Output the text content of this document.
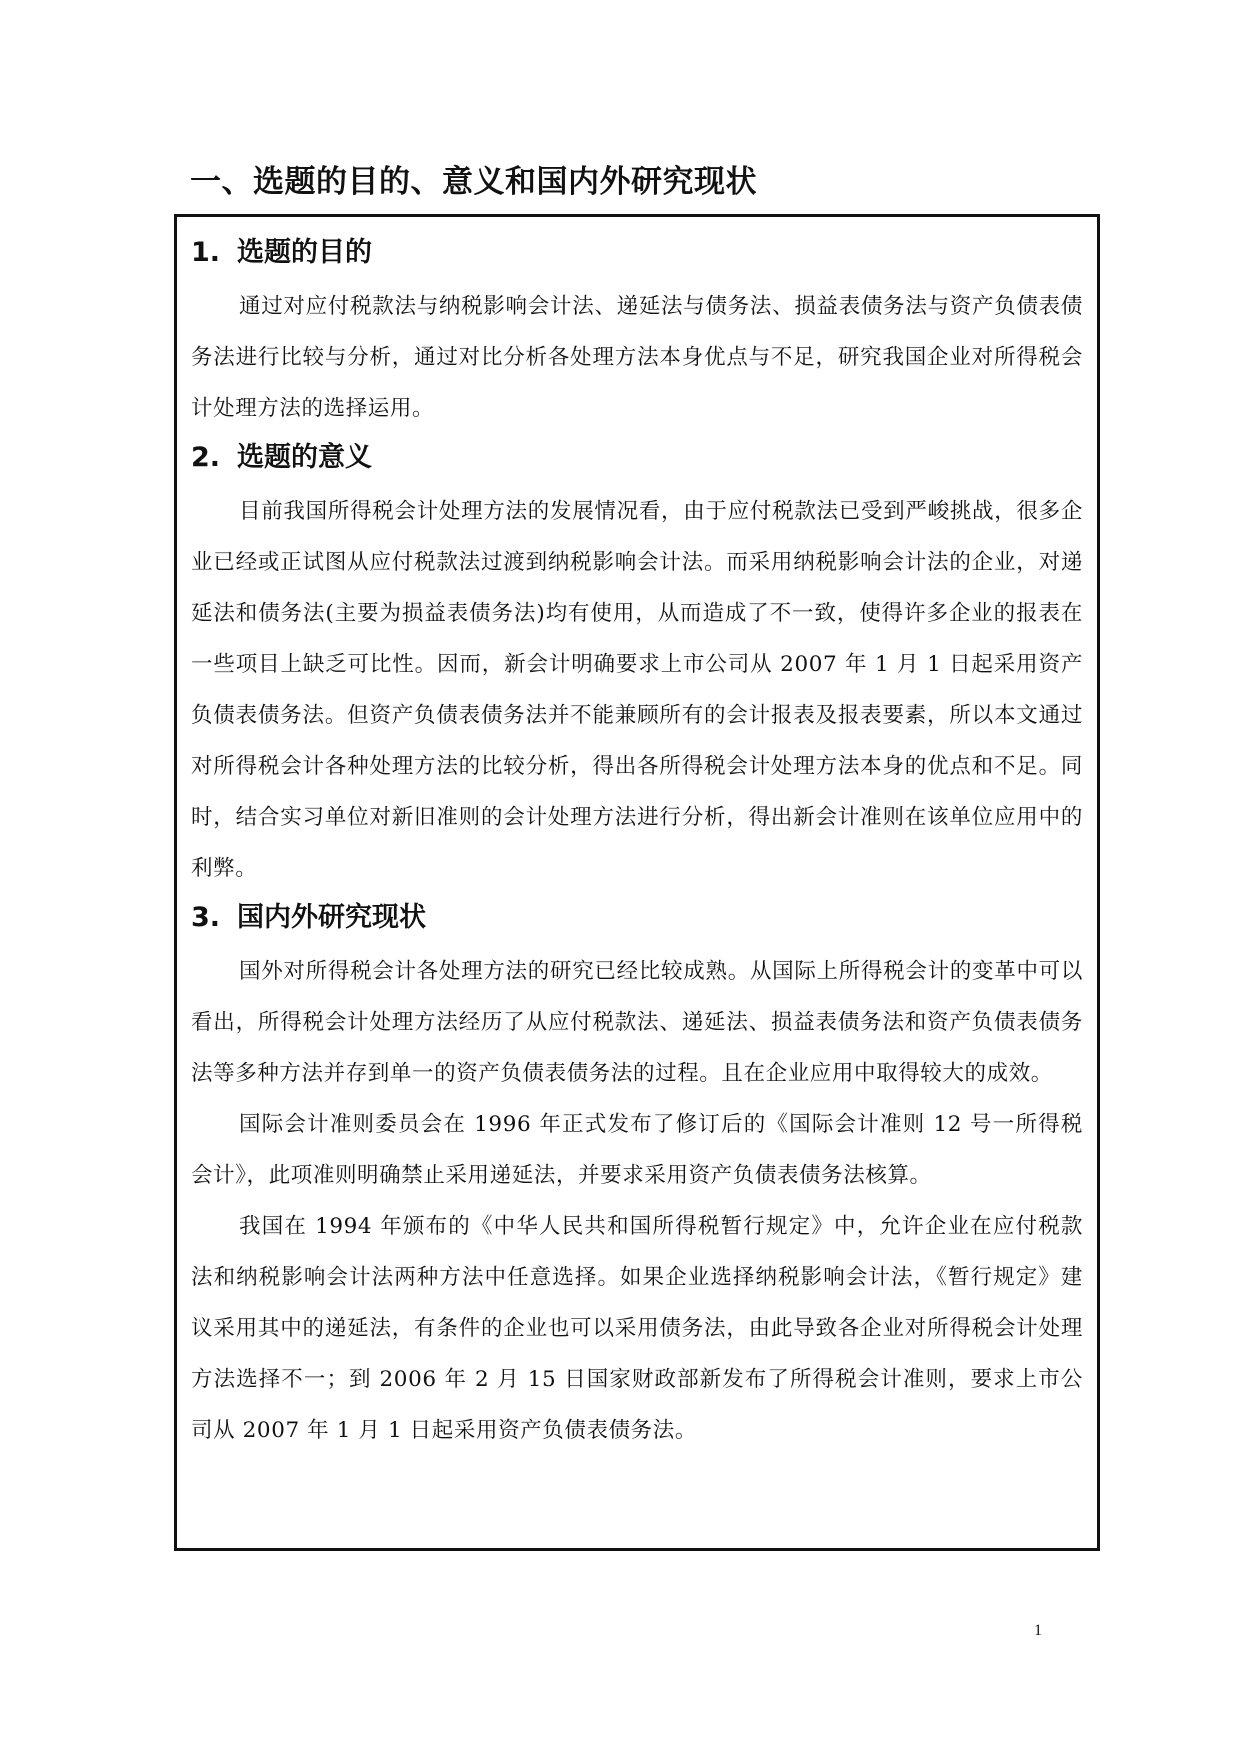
一、选题的目的、意义和国内外研究现状
1. 选题的目的

通过对应付税款法与纳税影响会计法、递延法与债务法、损益表债务法与资产负债表债务法进行比较与分析，通过对比分析各处理方法本身优点与不足，研究我国企业对所得税会计处理方法的选择运用。

2. 选题的意义

目前我国所得税会计处理方法的发展情况看，由于应付税款法已受到严峻挑战，很多企业已经或正试图从应付税款法过渡到纳税影响会计法。而采用纳税影响会计法的企业，对递延法和债务法(主要为损益表债务法)均有使用，从而造成了不一致，使得许多企业的报表在一些项目上缺乏可比性。因而，新会计明确要求上市公司从 2007 年 1 月 1 日起采用资产负债表债务法。但资产负债表债务法并不能兼顾所有的会计报表及报表要素，所以本文通过对所得税会计各种处理方法的比较分析，得出各所得税会计处理方法本身的优点和不足。同时，结合实习单位对新旧准则的会计处理方法进行分析，得出新会计准则在该单位应用中的利弊。

3. 国内外研究现状

国外对所得税会计各处理方法的研究已经比较成熟。从国际上所得税会计的变革中可以看出，所得税会计处理方法经历了从应付税款法、递延法、损益表债务法和资产负债表债务法等多种方法并存到单一的资产负债表债务法的过程。且在企业应用中取得较大的成效。

国际会计准则委员会在 1996 年正式发布了修订后的《国际会计准则 12 号一所得税会计》，此项准则明确禁止采用递延法，并要求采用资产负债表债务法核算。

我国在 1994 年颁布的《中华人民共和国所得税暂行规定》中，允许企业在应付税款法和纳税影响会计法两种方法中任意选择。如果企业选择纳税影响会计法，《暂行规定》建议采用其中的递延法，有条件的企业也可以采用债务法，由此导致各企业对所得税会计处理方法选择不一；到 2006 年 2 月 15 日国家财政部新发布了所得税会计准则，要求上市公司从 2007 年 1 月 1 日起采用资产负债表债务法。

1
